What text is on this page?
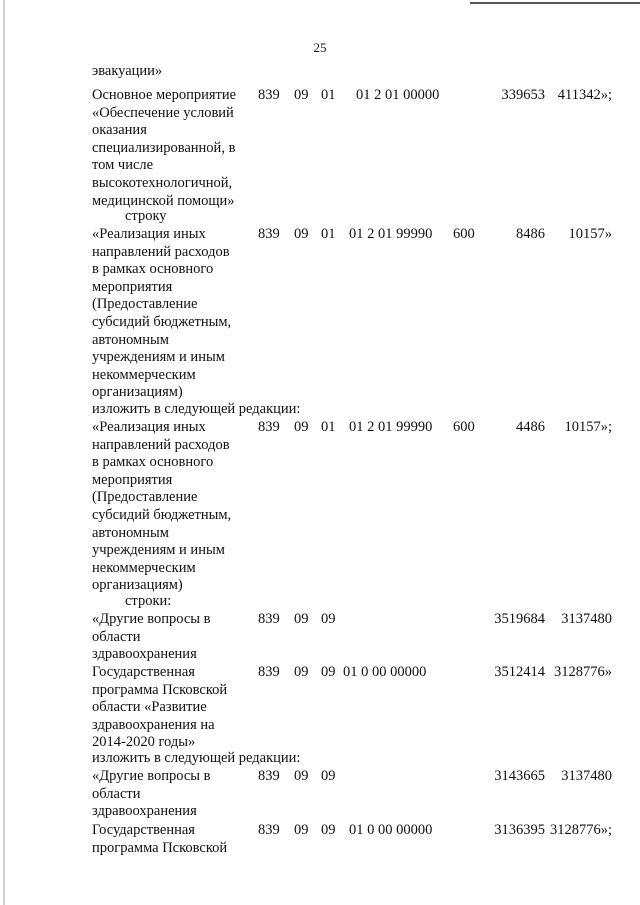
25
эвакуации»
Основное мероприятие
«Обеспечение условий
оказания
специализированной, в
том числе
высокотехнологичной,
медицинской помощи»
839 09 01 01 2 01 00000	339653 411342»;
строку
«Реализация иных
направлений расходов
в рамках основного
мероприятия
(Предоставление
субсидий бюджетным,
автономным
учреждениям и иным
некоммерческим
организациям)
839 09 01 01 2 01 99990 600	8486 10157»
изложить в следующей редакции:
«Реализация иных
направлений расходов
в рамках основного
мероприятия
(Предоставление
субсидий бюджетным,
автономным
учреждениям и иным
некоммерческим
организациям)
839 09 01 01 2 01 99990 600	4486 10157»;
строки:
«Другие вопросы в
области
здравоохранения
839 09 09	3519684 3137480
Государственная
программа Псковской
области «Развитие
здравоохранения на
2014-2020 годы»
839 09 09 01 0 00 00000	3512414 3128776»
изложить в следующей редакции:
«Другие вопросы в
области
здравоохранения
839 09 09	3143665 3137480
Государственная
программа Псковской
839 09 09 01 0 00 00000	3136395 3128776»;
